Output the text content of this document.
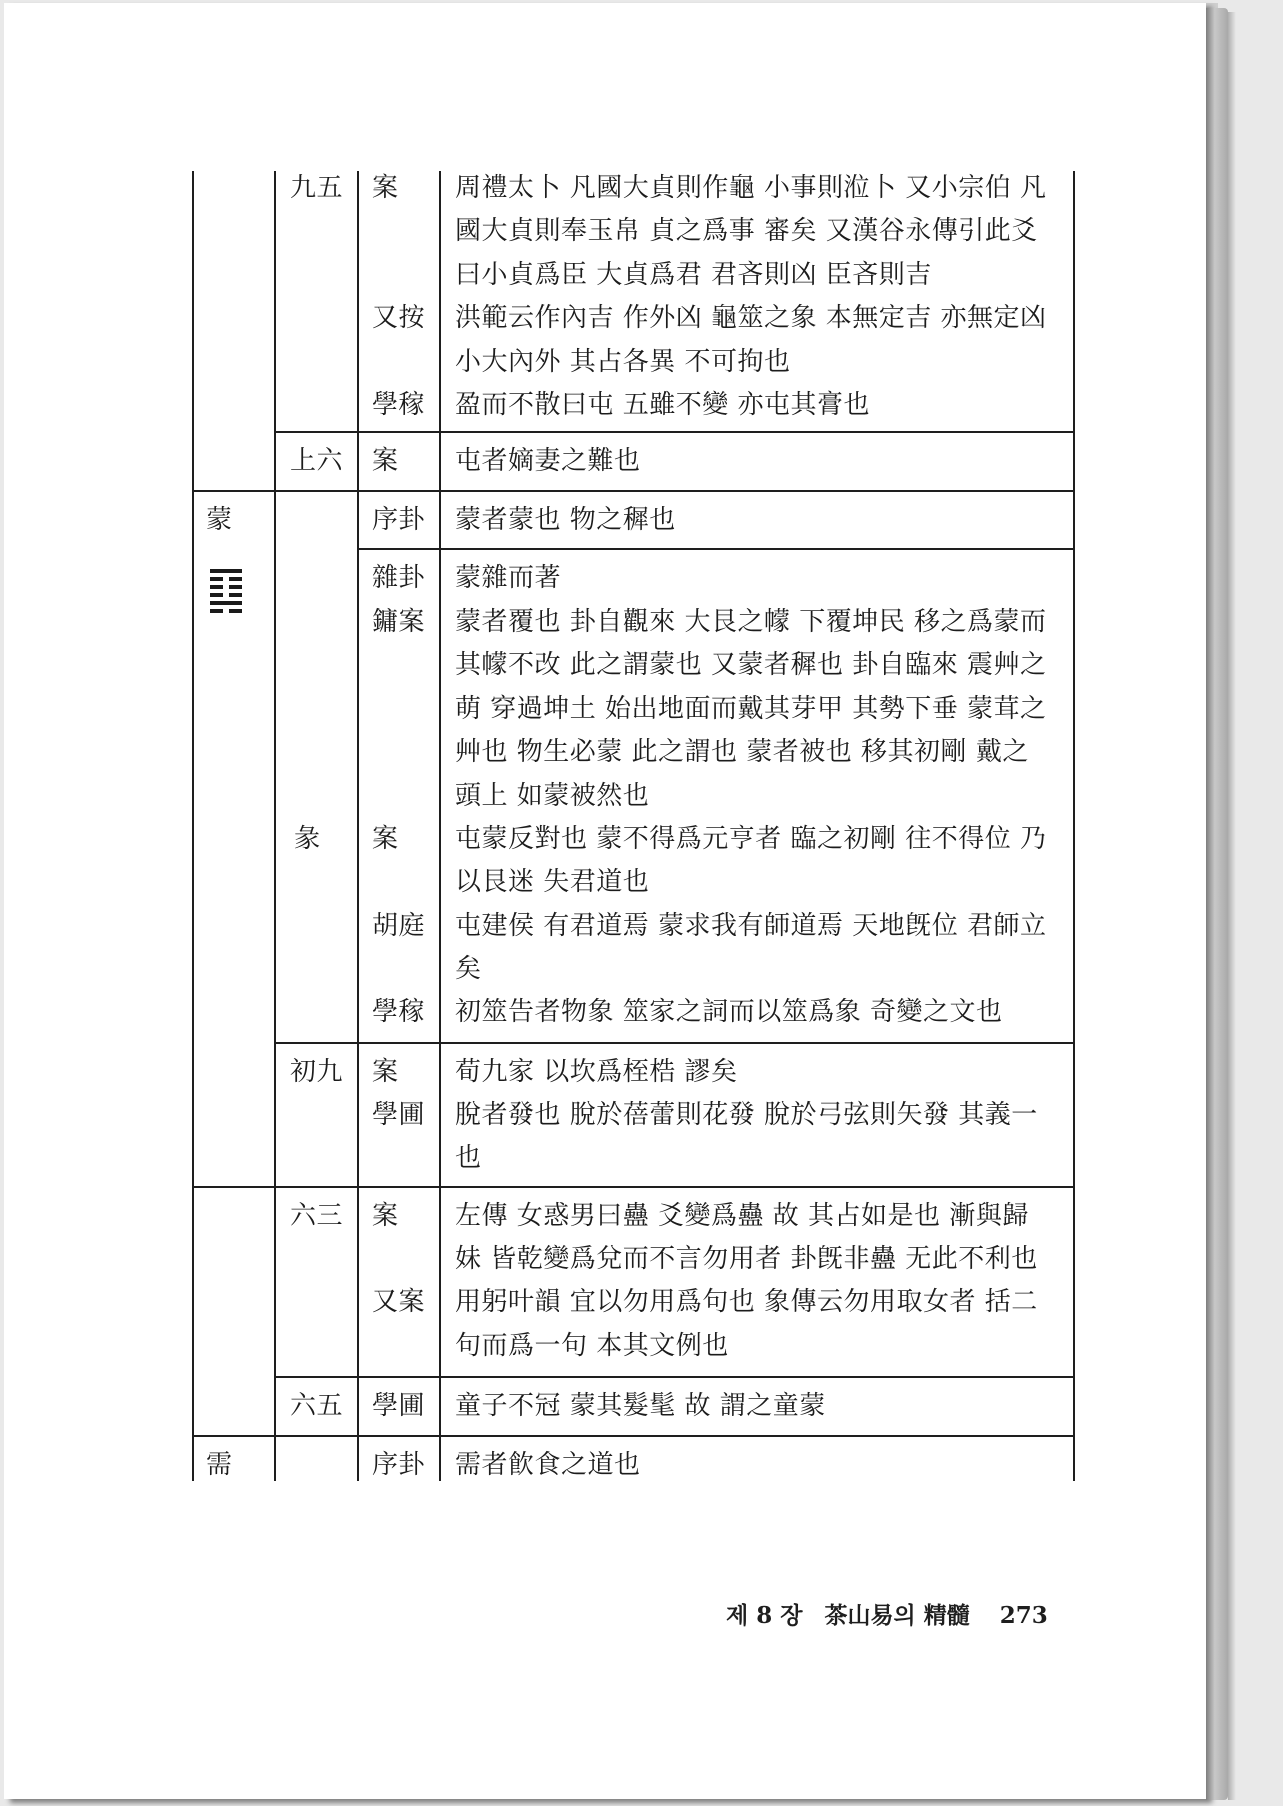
蒙
需
九五
上六
彖
初九
六三
六五
案
又按
學稼
案
序卦
雜卦
鏞案
案
胡庭
學稼
案
學圃
案
又案
學圃
序卦
周禮太卜 凡國大貞則作龜 小事則涖卜 又小宗伯 凡
國大貞則奉玉帛 貞之爲事 審矣 又漢谷永傳引此爻
曰小貞爲臣 大貞爲君 君吝則凶 臣吝則吉
洪範云作內吉 作外凶 龜筮之象 本無定吉 亦無定凶
小大內外 其占各異 不可拘也
盈而不散曰屯 五雖不變 亦屯其膏也
屯者嫡妻之難也
蒙者蒙也 物之穉也
蒙雜而著
蒙者覆也 卦自觀來 大艮之幪 下覆坤民 移之爲蒙而
其幪不改 此之謂蒙也 又蒙者穉也 卦自臨來 震艸之
萌 穿過坤土 始出地面而戴其芽甲 其勢下垂 蒙茸之
艸也 物生必蒙 此之謂也 蒙者被也 移其初剛 戴之
頭上 如蒙被然也
屯蒙反對也 蒙不得爲元亨者 臨之初剛 往不得位 乃
以艮迷 失君道也
屯建侯 有君道焉 蒙求我有師道焉 天地旣位 君師立
矣
初筮告者物象 筮家之詞而以筮爲象 奇變之文也
荀九家 以坎爲桎梏 謬矣
脫者發也 脫於蓓蕾則花發 脫於弓弦則矢發 其義一
也
左傳 女惑男曰蠱 爻變爲蠱 故 其占如是也 漸與歸
妹 皆乾變爲兌而不言勿用者 卦旣非蠱 无此不利也
用躬叶韻 宜以勿用爲句也 象傳云勿用取女者 括二
句而爲一句 本其文例也
童子不冠 蒙其髮髦 故 謂之童蒙
需者飮食之道也
제 8 장 茶山易의 精髓 273
